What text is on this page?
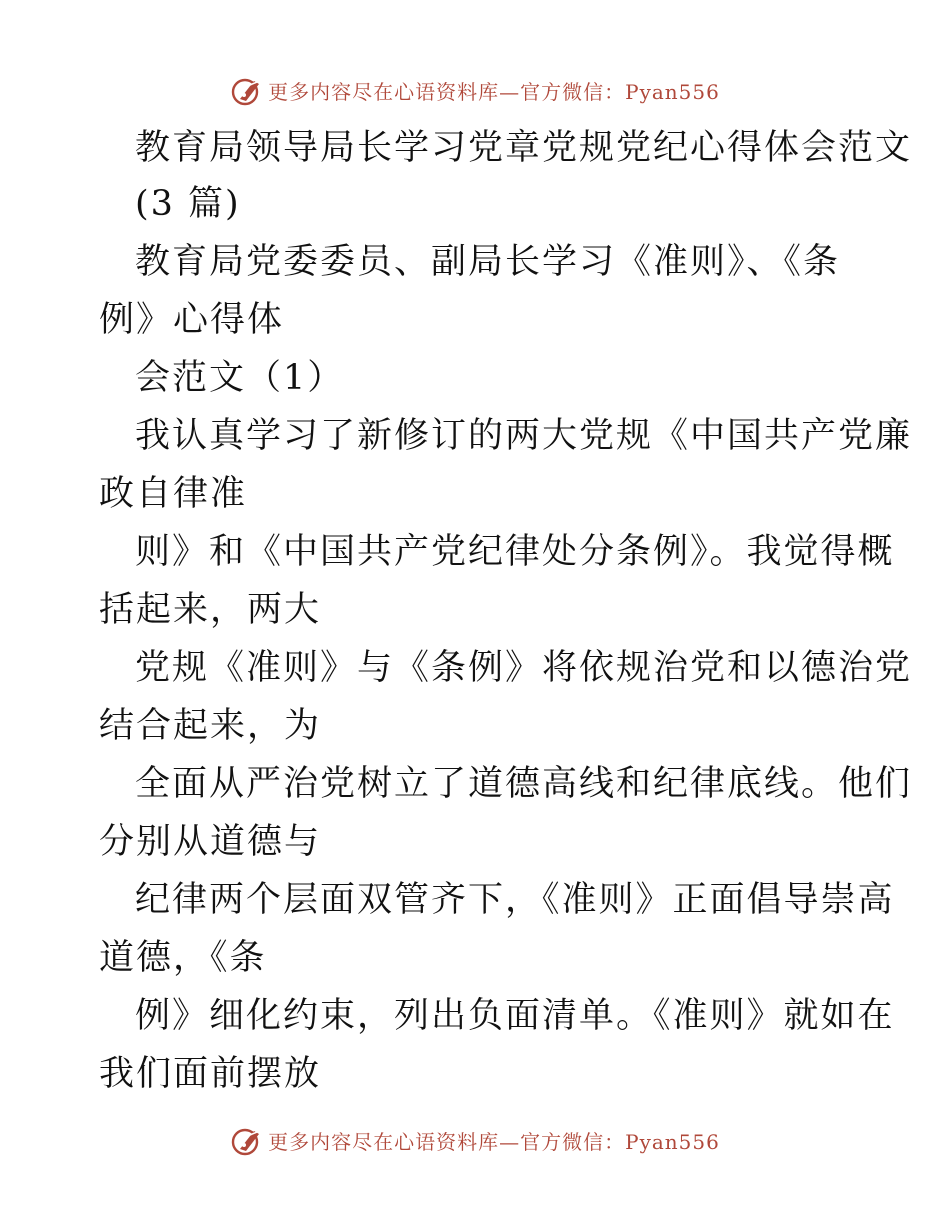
更多内容尽在心语资料库—官方微信：Pyan556
教育局领导局长学习党章党规党纪心得体会范文
(3 篇)
教育局党委委员、副局长学习《准则》、《条
例》心得体
会范文（1）
我认真学习了新修订的两大党规《中国共产党廉
政自律准
则》和《中国共产党纪律处分条例》。我觉得概
括起来，两大
党规《准则》与《条例》将依规治党和以德治党
结合起来，为
全面从严治党树立了道德高线和纪律底线。他们
分别从道德与
纪律两个层面双管齐下，《准则》正面倡导崇高
道德，《条
例》细化约束，列出负面清单。《准则》就如在
我们面前摆放
更多内容尽在心语资料库—官方微信：Pyan556
